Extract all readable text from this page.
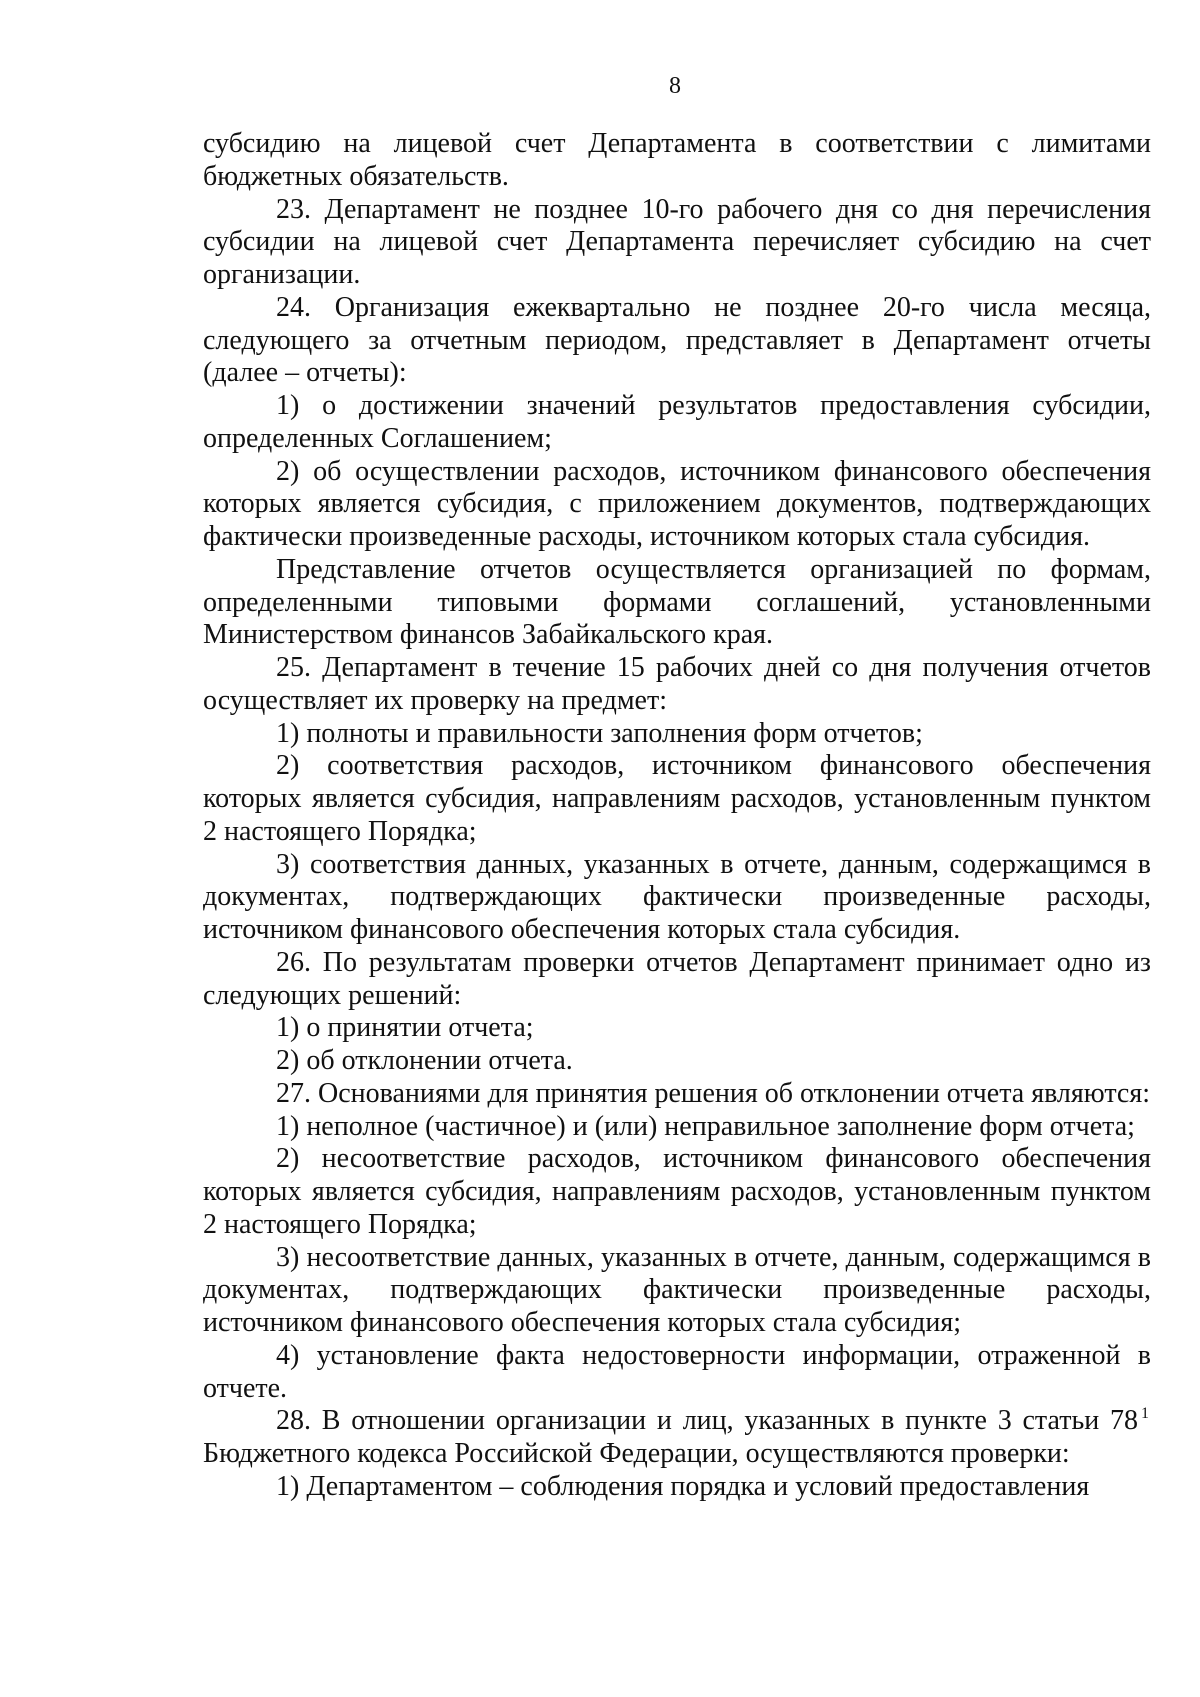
8

субсидию на лицевой счет Департамента в соответствии с лимитами бюджетных обязательств.

23. Департамент не позднее 10-го рабочего дня со дня перечисления субсидии на лицевой счет Департамента перечисляет субсидию на счет организации.

24. Организация ежеквартально не позднее 20-го числа месяца, следующего за отчетным периодом, представляет в Департамент отчеты (далее – отчеты):

1) о достижении значений результатов предоставления субсидии, определенных Соглашением;

2) об осуществлении расходов, источником финансового обеспечения которых является субсидия, с приложением документов, подтверждающих фактически произведенные расходы, источником которых стала субсидия.

Представление отчетов осуществляется организацией по формам, определенными типовыми формами соглашений, установленными Министерством финансов Забайкальского края.

25. Департамент в течение 15 рабочих дней со дня получения отчетов осуществляет их проверку на предмет:

1) полноты и правильности заполнения форм отчетов;

2) соответствия расходов, источником финансового обеспечения которых является субсидия, направлениям расходов, установленным пунктом 2 настоящего Порядка;

3) соответствия данных, указанных в отчете, данным, содержащимся в документах, подтверждающих фактически произведенные расходы, источником финансового обеспечения которых стала субсидия.

26. По результатам проверки отчетов Департамент принимает одно из следующих решений:

1) о принятии отчета;

2) об отклонении отчета.

27. Основаниями для принятия решения об отклонении отчета являются:

1) неполное (частичное) и (или) неправильное заполнение форм отчета;

2) несоответствие расходов, источником финансового обеспечения которых является субсидия, направлениям расходов, установленным пунктом 2 настоящего Порядка;

3) несоответствие данных, указанных в отчете, данным, содержащимся в документах, подтверждающих фактически произведенные расходы, источником финансового обеспечения которых стала субсидия;

4) установление факта недостоверности информации, отраженной в отчете.

28. В отношении организации и лиц, указанных в пункте 3 статьи 78 $^1$ Бюджетного кодекса Российской Федерации, осуществляются проверки:

1) Департаментом – соблюдения порядка и условий предоставления
